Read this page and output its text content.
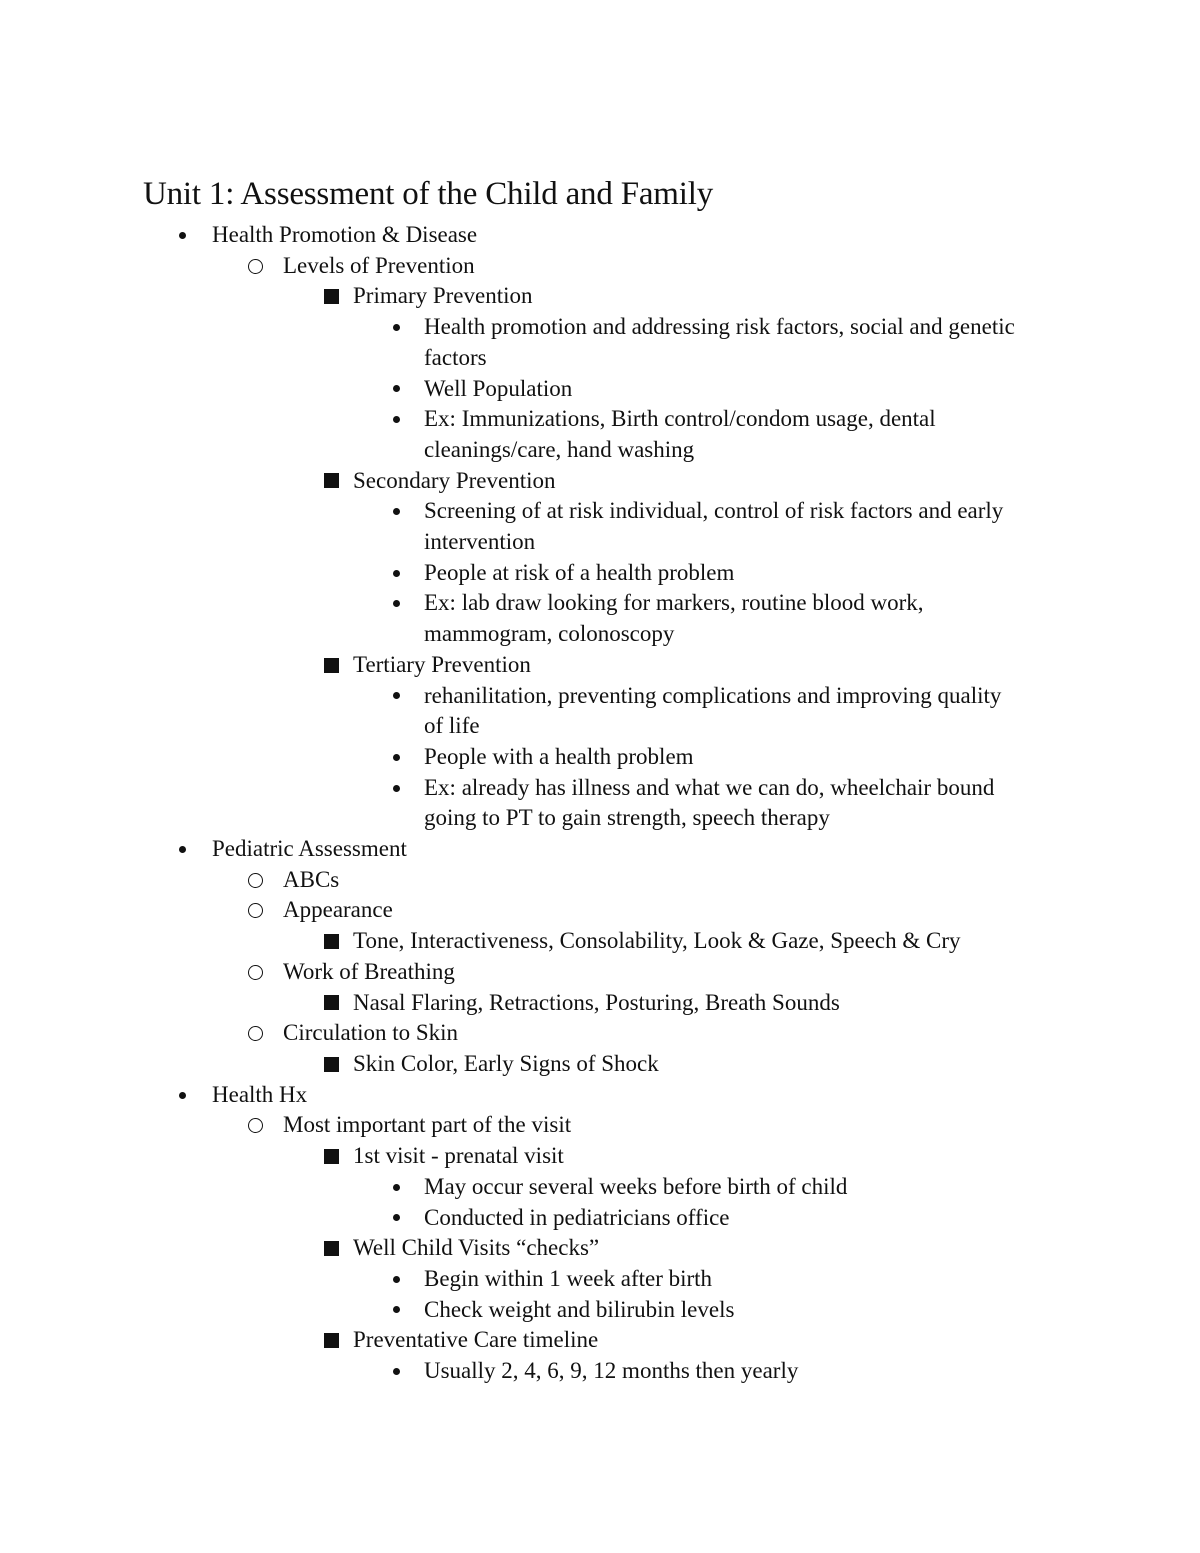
Unit 1: Assessment of the Child and Family
Health Promotion & Disease
Levels of Prevention
Primary Prevention
Health promotion and addressing risk factors, social and genetic factors
Well Population
Ex: Immunizations, Birth control/condom usage, dental cleanings/care, hand washing
Secondary Prevention
Screening of at risk individual, control of risk factors and early intervention
People at risk of a health problem
Ex: lab draw looking for markers, routine blood work, mammogram, colonoscopy
Tertiary Prevention
rehanilitation, preventing complications and improving quality of life
People with a health problem
Ex: already has illness and what we can do, wheelchair bound going to PT to gain strength, speech therapy
Pediatric Assessment
ABCs
Appearance
Tone, Interactiveness, Consolability, Look & Gaze, Speech & Cry
Work of Breathing
Nasal Flaring, Retractions, Posturing, Breath Sounds
Circulation to Skin
Skin Color, Early Signs of Shock
Health Hx
Most important part of the visit
1st visit - prenatal visit
May occur several weeks before birth of child
Conducted in pediatricians office
Well Child Visits “checks”
Begin within 1 week after birth
Check weight and bilirubin levels
Preventative Care timeline
Usually 2, 4, 6, 9, 12 months then yearly
